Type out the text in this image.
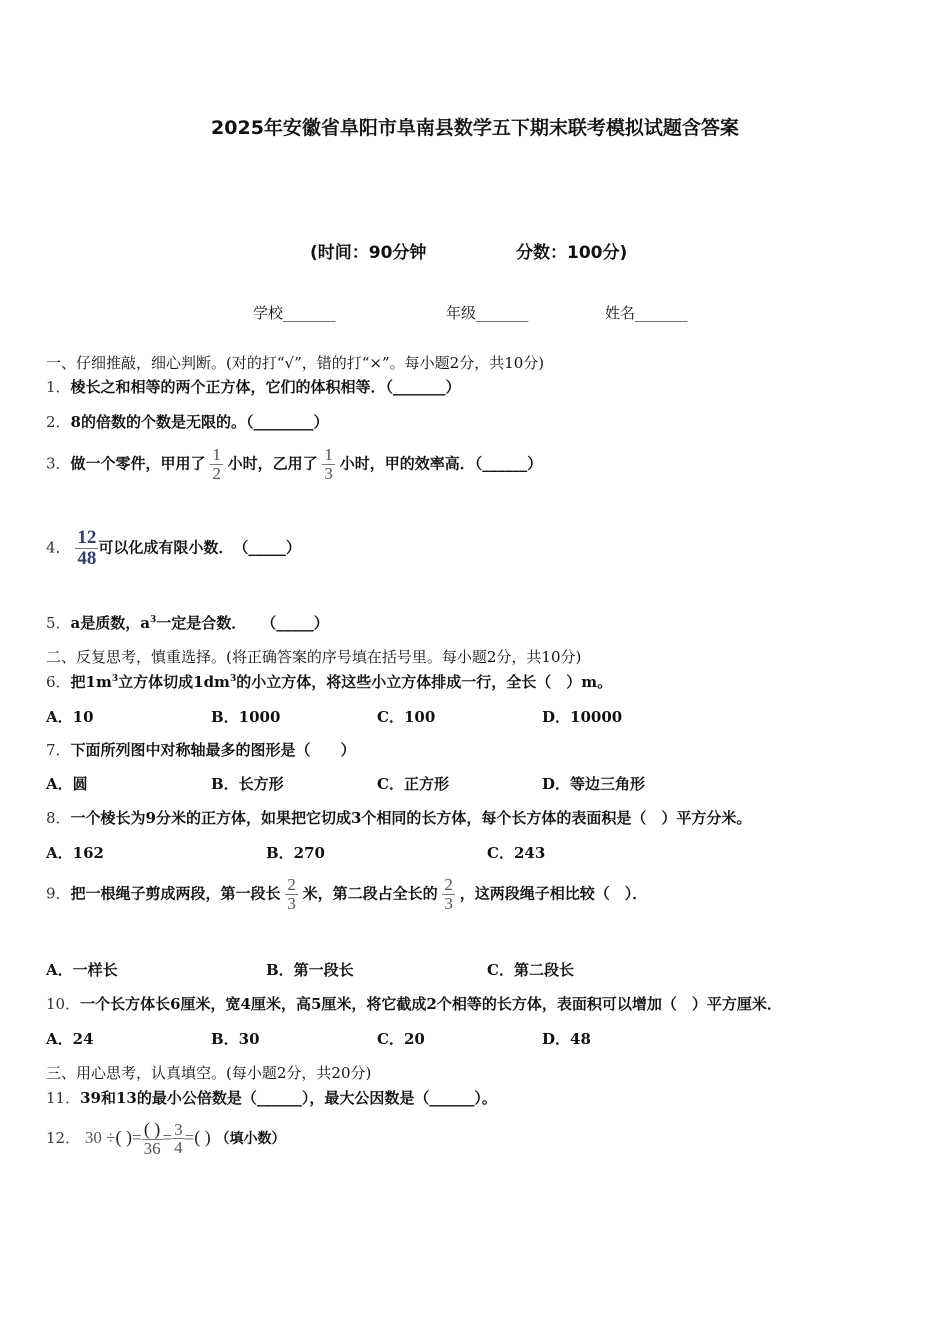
2025年安徽省阜阳市阜南县数学五下期末联考模拟试题含答案
(时间：90分钟	分数：100分)
学校_______	年级_______	姓名_______
一、仔细推敲，细心判断。(对的打“√”，错的打“×”。每小题2分，共10分)
1．棱长之和相等的两个正方体，它们的体积相等．（_______）
2．8的倍数的个数是无限的。（________）
3．做一个零件，甲用了 $\frac{1}{2}$ 小时，乙用了 $\frac{1}{3}$ 小时，甲的效率高．（______）
4． $\frac{12}{48}$ 可以化成有限小数．　（_____）
5．a是质数，$a^3$一定是合数．　　（_____）
二、反复思考，慎重选择。(将正确答案的序号填在括号里。每小题2分，共10分)
6．把$1m^3$立方体切成$1dm^3$的小立方体，将这些小立方体排成一行，全长（　）m。
A．10	B．1000	C．100	D．10000
7．下面所列图中对称轴最多的图形是（　　）
A．圆	B．长方形	C．正方形	D．等边三角形
8．一个棱长为9分米的正方体，如果把它切成3个相同的长方体，每个长方体的表面积是（　）平方分米。
A．162	B．270	C．243
9．把一根绳子剪成两段，第一段长 $\frac{2}{3}$ 米，第二段占全长的 $\frac{2}{3}$ ，这两段绳子相比较（　）．
A．一样长	B．第一段长	C．第二段长
10．一个长方体长6厘米，宽4厘米，高5厘米，将它截成2个相等的长方体，表面积可以增加（　）平方厘米．
A．24	B．30	C．20	D．48
三、用心思考，认真填空。(每小题2分，共20分)
11．39和13的最小公倍数是（______），最大公因数是（______）。
12． 30 ÷( )= $\frac{( )}{36} = \frac{3}{4}$ =( ) （填小数）
